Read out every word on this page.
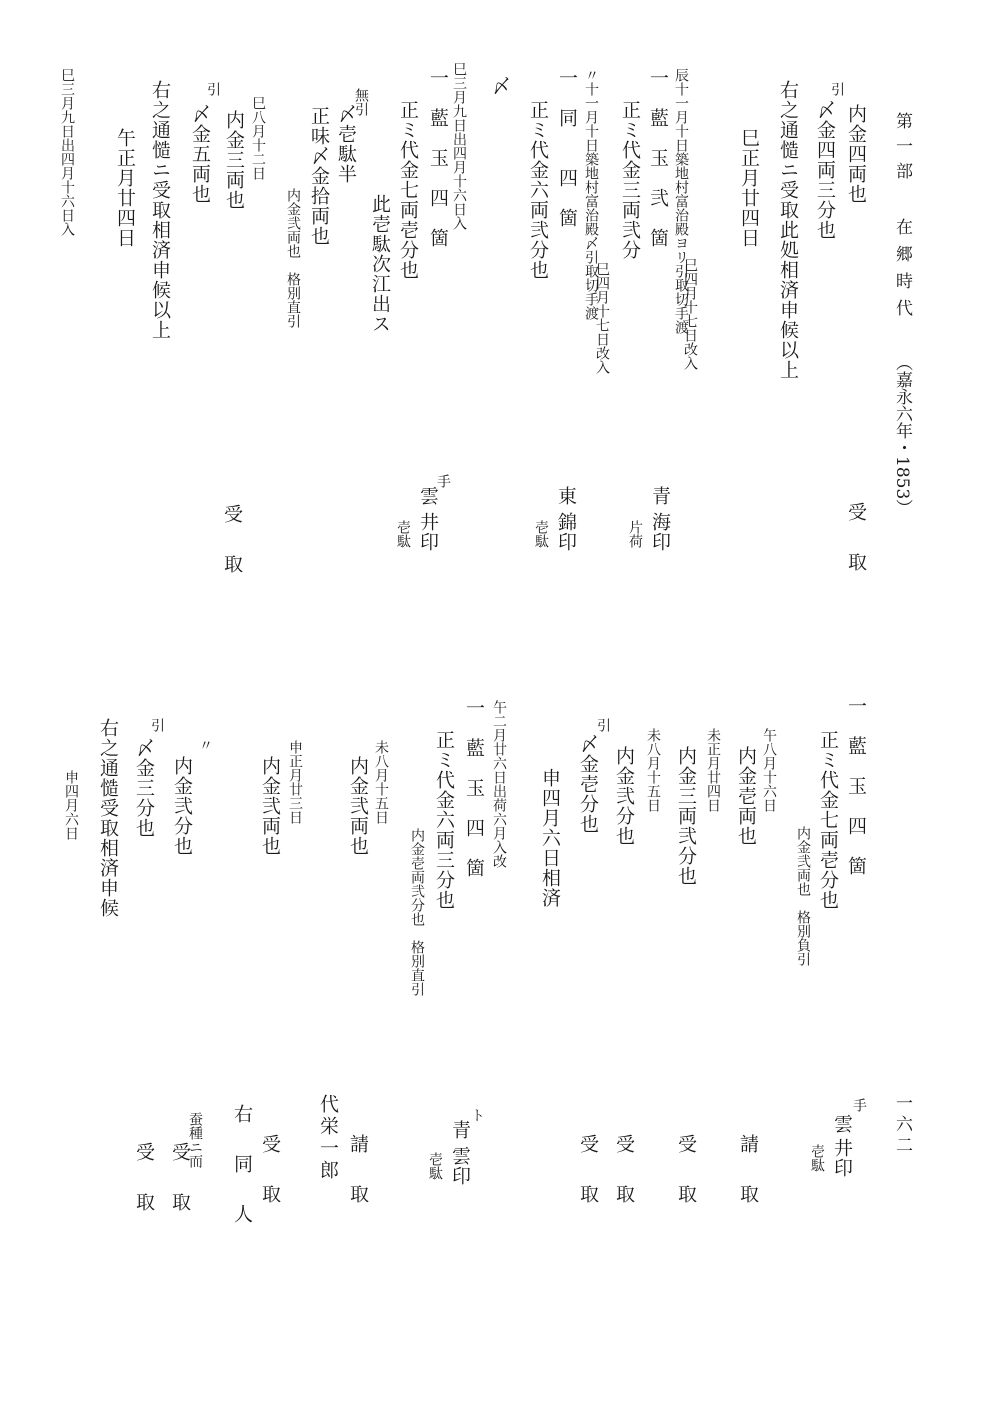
第一部
在郷時代
（嘉永六年・1853）
一六二
内金四両也
引
〆金四両三分也
右之通慥ニ受取此処相済申候以上
巳正月廿四日
辰十一月十日築地村富治殿ヨリ引取切手渡
巳四月十七日改入
一　藍　玉　弐　箇
正ミ代金三両弐分
〃十一月十日築地村富治殿〆引取切手渡
巳四月十七日改入
一　同　　四　箇
正ミ代金六両弐分也
〆
巳三月九日出四月十六日入
一　藍　玉　四　箇
正ミ代金七両壱分也
此壱駄次江出ス
無引
〆壱駄半
正味〆金拾両也
内金弐両也　格別直引
巳八月十二日
内金三両也
引
〆金五両也
右之通慥ニ受取相済申候以上
午正月廿四日
巳三月九日出四月十六日入
受　取
青
海印
片荷
東
錦印
壱駄
手
雲
井印
壱駄
受　取
一　藍　玉　四　箇
正ミ代金七両壱分也
内金弐両也　格別負引
午八月十六日
内金壱両也
未正月廿四日
内金三両弐分也
未八月十五日
内金弐分也
引
〆金壱分也
申四月六日相済
午二月廿六日出荷六月入改
一　藍　玉　四　箇
正ミ代金六両三分也
内金壱両弐分也　格別直引
未八月十五日
内金弐両也
申正月廿三日
内金弐両也
〃
内金弐分也
引
〆金三分也
右之通慥受取相済申候
申四月六日
手
雲
井印
壱駄
請　取
受　取
受　取
受　取
ト
青
雲印
壱駄
請　取
代栄一郎
受　取
右　同　人
蚕種ニ而
受　取
受　取
